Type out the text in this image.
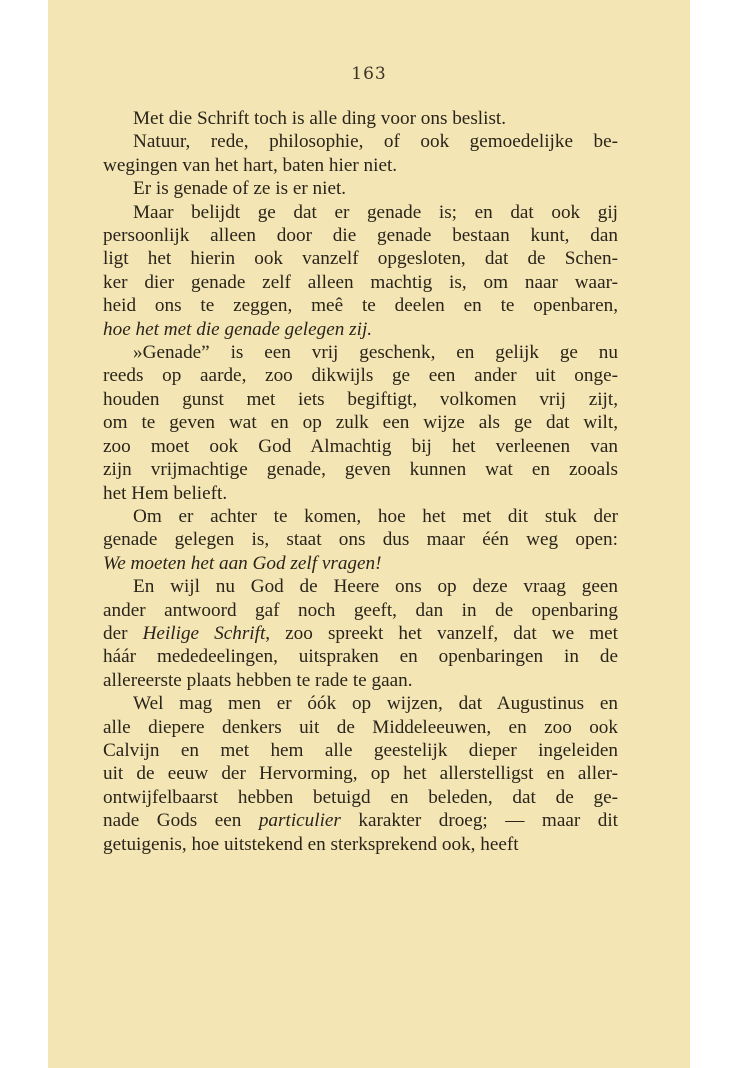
163
Met die Schrift toch is alle ding voor ons beslist.
Natuur, rede, philosophie, of ook gemoedelijke be-
wegingen van het hart, baten hier niet.
Er is genade of ze is er niet.
Maar belijdt ge dat er genade is; en dat ook gij
persoonlijk alleen door die genade bestaan kunt, dan
ligt het hierin ook vanzelf opgesloten, dat de Schen-
ker dier genade zelf alleen machtig is, om naar waar-
heid ons te zeggen, meê te deelen en te openbaren,
hoe het met die genade gelegen zij.
»Genade” is een vrij geschenk, en gelijk ge nu
reeds op aarde, zoo dikwijls ge een ander uit onge-
houden gunst met iets begiftigt, volkomen vrij zijt,
om te geven wat en op zulk een wijze als ge dat wilt,
zoo moet ook God Almachtig bij het verleenen van
zijn vrijmachtige genade, geven kunnen wat en zooals
het Hem belieft.
Om er achter te komen, hoe het met dit stuk der
genade gelegen is, staat ons dus maar één weg open:
We moeten het aan God zelf vragen!
En wijl nu God de Heere ons op deze vraag geen
ander antwoord gaf noch geeft, dan in de openbaring
der Heilige Schrift, zoo spreekt het vanzelf, dat we met
háár mededeelingen, uitspraken en openbaringen in de
allereerste plaats hebben te rade te gaan.
Wel mag men er óók op wijzen, dat Augustinus en
alle diepere denkers uit de Middeleeuwen, en zoo ook
Calvijn en met hem alle geestelijk dieper ingeleiden
uit de eeuw der Hervorming, op het allerstelligst en aller-
ontwijfelbaarst hebben betuigd en beleden, dat de ge-
nade Gods een particulier karakter droeg; — maar dit
getuigenis, hoe uitstekend en sterksprekend ook, heeft
